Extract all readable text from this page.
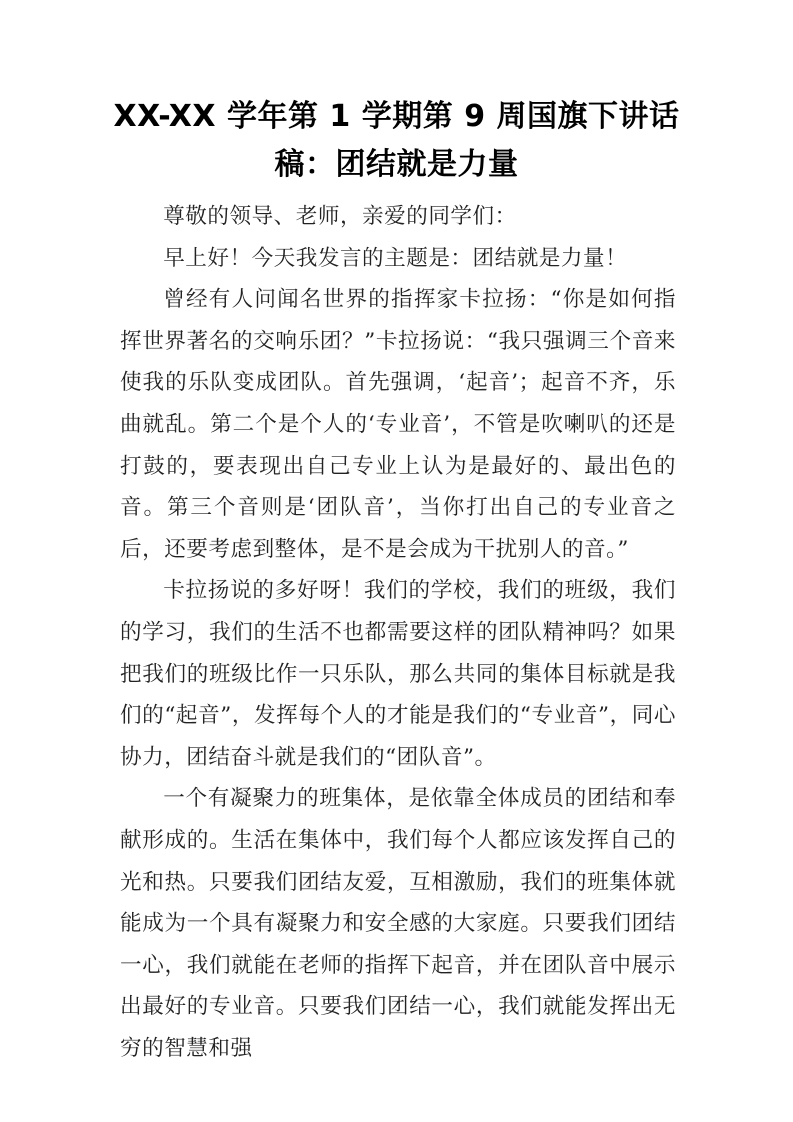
XX-XX 学年第 1 学期第 9 周国旗下讲话
稿：团结就是力量

尊敬的领导、老师，亲爱的同学们：

早上好！今天我发言的主题是：团结就是力量！

曾经有人问闻名世界的指挥家卡拉扬：“你是如何指挥世界著名的交响乐团？”卡拉扬说：“我只强调三个音来使我的乐队变成团队。首先强调，‘起音’；起音不齐，乐曲就乱。第二个是个人的‘专业音’，不管是吹喇叭的还是打鼓的，要表现出自己专业上认为是最好的、最出色的音。第三个音则是‘团队音’，当你打出自己的专业音之后，还要考虑到整体，是不是会成为干扰别人的音。”

卡拉扬说的多好呀！我们的学校，我们的班级，我们的学习，我们的生活不也都需要这样的团队精神吗？如果把我们的班级比作一只乐队，那么共同的集体目标就是我们的“起音”，发挥每个人的才能是我们的“专业音”，同心协力，团结奋斗就是我们的“团队音”。

一个有凝聚力的班集体，是依靠全体成员的团结和奉献形成的。生活在集体中，我们每个人都应该发挥自己的光和热。只要我们团结友爱，互相激励，我们的班集体就能成为一个具有凝聚力和安全感的大家庭。只要我们团结一心，我们就能在老师的指挥下起音，并在团队音中展示出最好的专业音。只要我们团结一心，我们就能发挥出无穷的智慧和强
